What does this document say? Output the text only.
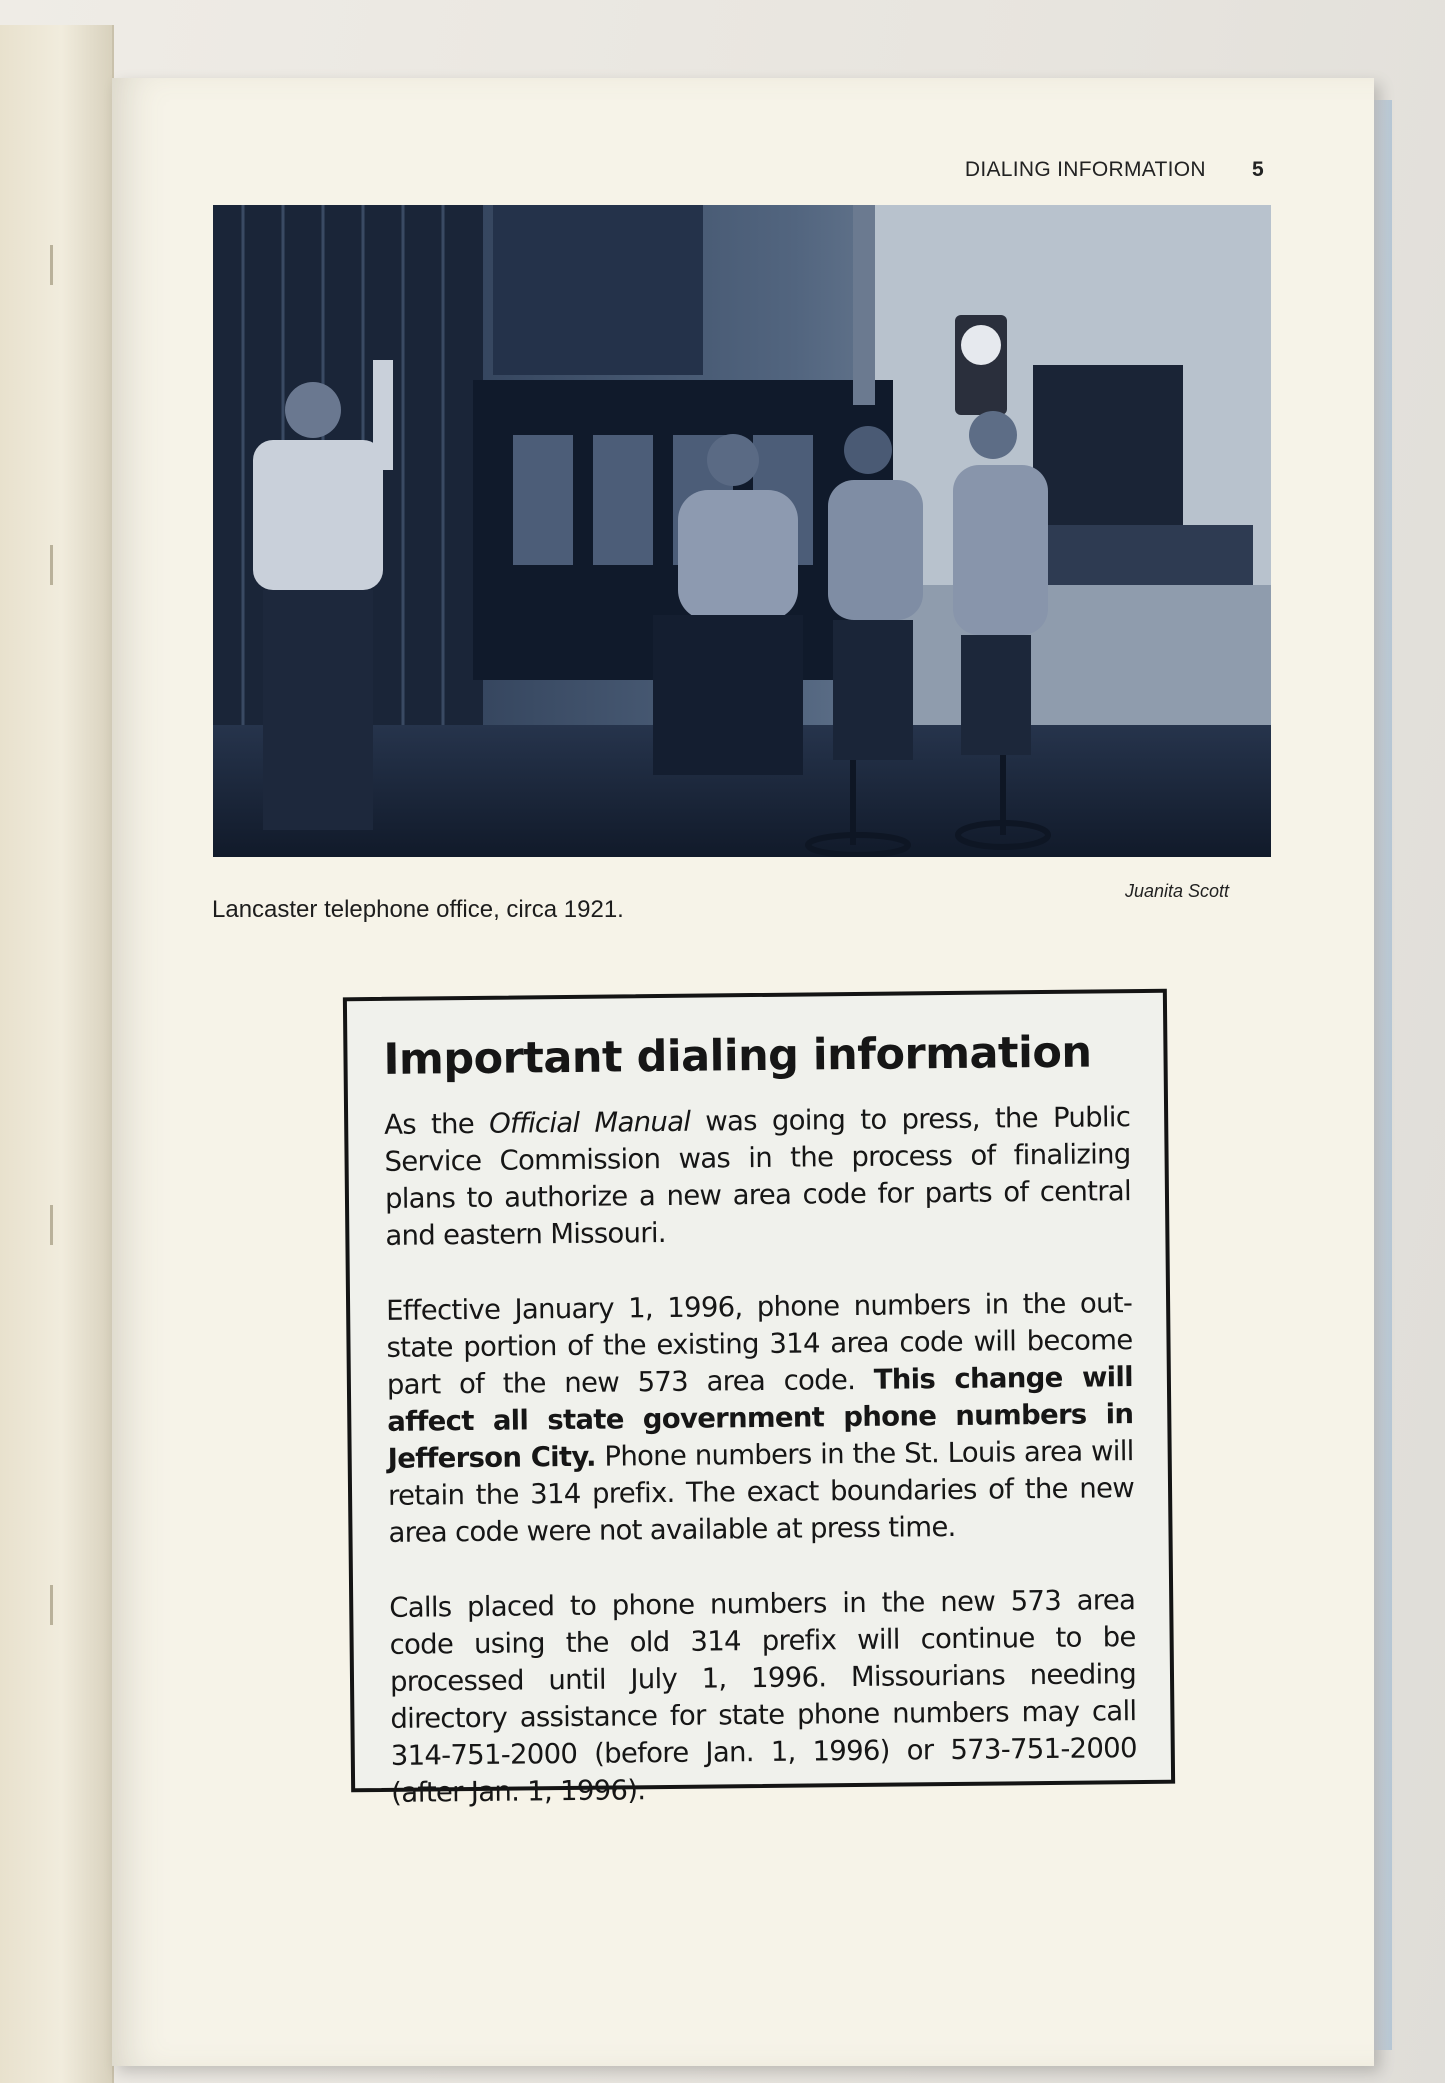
DIALING INFORMATION 5
Lancaster telephone office, circa 1921.
Juanita Scott
Important dialing information

As the Official Manual was going to press, the Public Service Commission was in the process of finalizing plans to authorize a new area code for parts of central and eastern Missouri.

Effective January 1, 1996, phone numbers in the out-state portion of the existing 314 area code will become part of the new 573 area code. This change will affect all state government phone numbers in Jefferson City. Phone numbers in the St. Louis area will retain the 314 prefix. The exact boundaries of the new area code were not available at press time.

Calls placed to phone numbers in the new 573 area code using the old 314 prefix will continue to be processed until July 1, 1996. Missourians needing directory assistance for state phone numbers may call 314-751-2000 (before Jan. 1, 1996) or 573-751-2000 (after Jan. 1, 1996).
